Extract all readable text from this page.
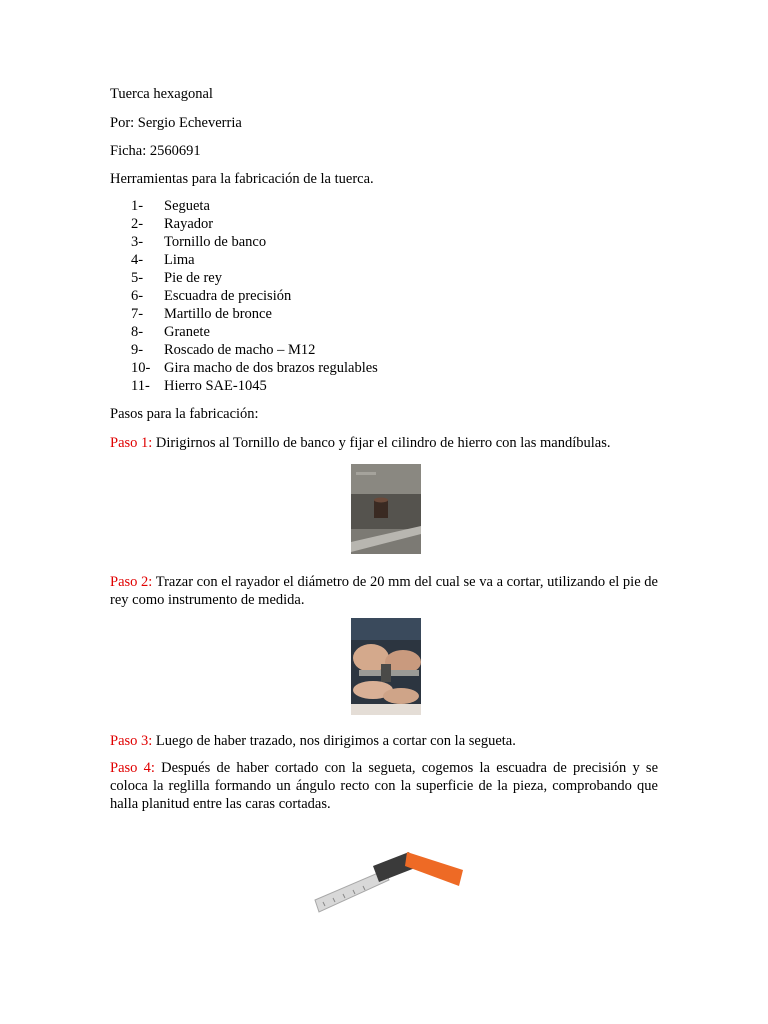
Tuerca hexagonal
Por: Sergio Echeverria
Ficha: 2560691
Herramientas para la fabricación de la tuerca.
1- Segueta
2- Rayador
3- Tornillo de banco
4- Lima
5- Pie de rey
6- Escuadra de precisión
7- Martillo de bronce
8- Granete
9- Roscado de macho – M12
10- Gira macho de dos brazos regulables
11- Hierro SAE-1045
Pasos para la fabricación:
Paso 1: Dirigirnos al Tornillo de banco y fijar el cilindro de hierro con las mandíbulas.
Paso 2: Trazar con el rayador el diámetro de 20 mm del cual se va a cortar, utilizando el pie de rey como instrumento de medida.
Paso 3: Luego de haber trazado, nos dirigimos a cortar con la segueta.
Paso 4: Después de haber cortado con la segueta, cogemos la escuadra de precisión y se coloca la reglilla formando un ángulo recto con la superficie de la pieza, comprobando que halla planitud entre las caras cortadas.
